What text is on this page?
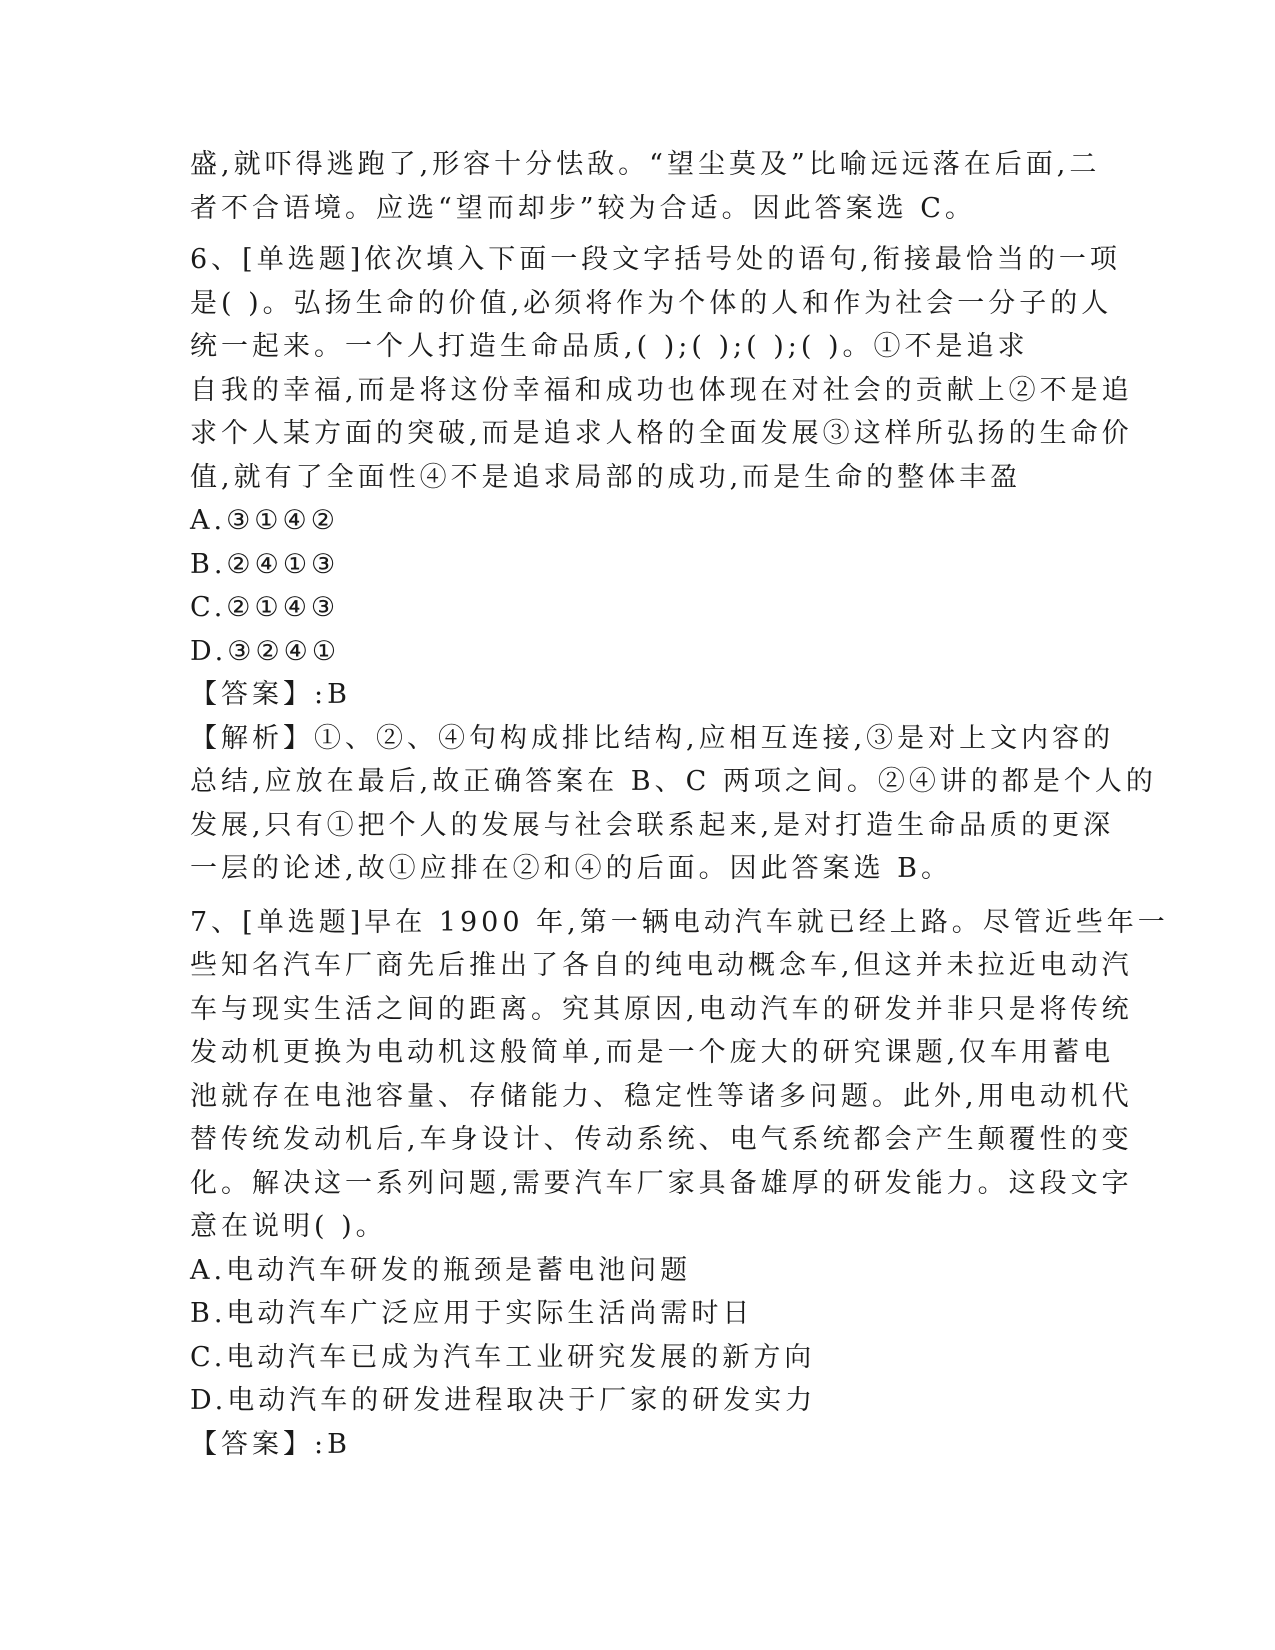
盛,就吓得逃跑了,形容十分怯敌。“望尘莫及”比喻远远落在后面,二

者不合语境。应选“望而却步”较为合适。因此答案选 C。

6、[单选题]依次填入下面一段文字括号处的语句,衔接最恰当的一项

是( )。弘扬生命的价值,必须将作为个体的人和作为社会一分子的人

统一起来。一个人打造生命品质,( );( );( );( )。①不是追求

自我的幸福,而是将这份幸福和成功也体现在对社会的贡献上②不是追

求个人某方面的突破,而是追求人格的全面发展③这样所弘扬的生命价

值,就有了全面性④不是追求局部的成功,而是生命的整体丰盈

A.③①④②

B.②④①③

C.②①④③

D.③②④①

【答案】:B

【解析】①、②、④句构成排比结构,应相互连接,③是对上文内容的

总结,应放在最后,故正确答案在 B、C 两项之间。②④讲的都是个人的

发展,只有①把个人的发展与社会联系起来,是对打造生命品质的更深

一层的论述,故①应排在②和④的后面。因此答案选 B。

7、[单选题]早在 1900 年,第一辆电动汽车就已经上路。尽管近些年一

些知名汽车厂商先后推出了各自的纯电动概念车,但这并未拉近电动汽

车与现实生活之间的距离。究其原因,电动汽车的研发并非只是将传统

发动机更换为电动机这般简单,而是一个庞大的研究课题,仅车用蓄电

池就存在电池容量、存储能力、稳定性等诸多问题。此外,用电动机代

替传统发动机后,车身设计、传动系统、电气系统都会产生颠覆性的变

化。解决这一系列问题,需要汽车厂家具备雄厚的研发能力。这段文字

意在说明( )。

A.电动汽车研发的瓶颈是蓄电池问题

B.电动汽车广泛应用于实际生活尚需时日

C.电动汽车已成为汽车工业研究发展的新方向

D.电动汽车的研发进程取决于厂家的研发实力

【答案】:B
